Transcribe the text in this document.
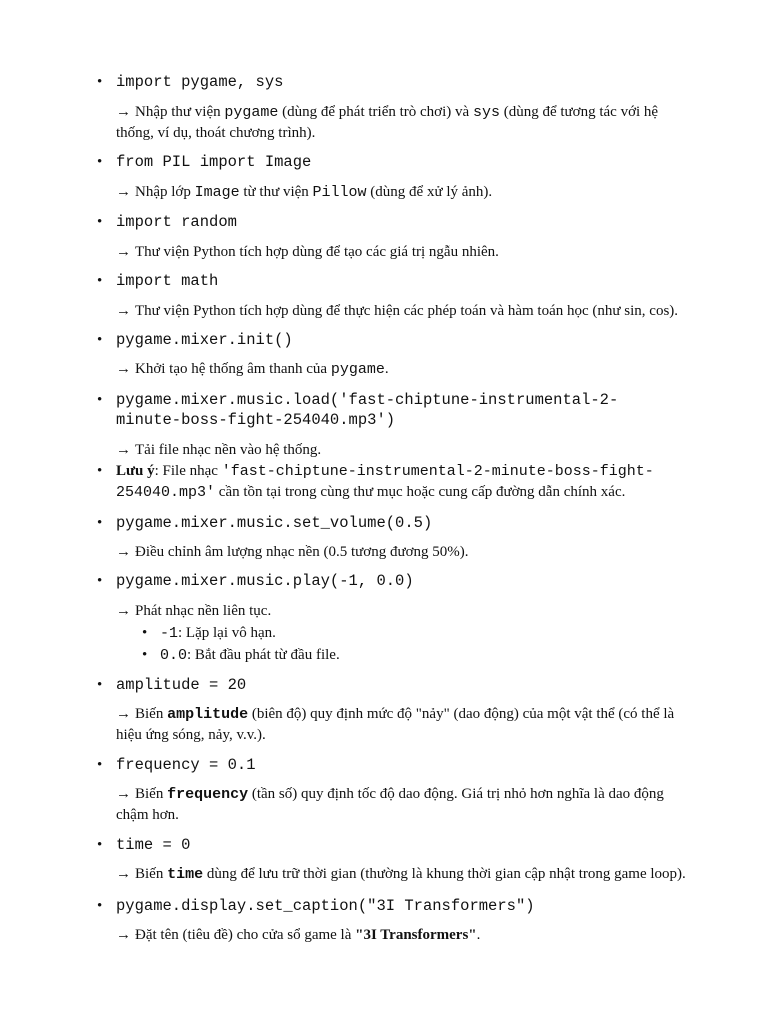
• import pygame, sys
→ Nhập thư viện pygame (dùng để phát triển trò chơi) và sys (dùng để tương tác với hệ thống, ví dụ, thoát chương trình).
• from PIL import Image
→ Nhập lớp Image từ thư viện Pillow (dùng để xử lý ảnh).
• import random
→ Thư viện Python tích hợp dùng để tạo các giá trị ngẫu nhiên.
• import math
→ Thư viện Python tích hợp dùng để thực hiện các phép toán và hàm toán học (như sin, cos).
• pygame.mixer.init()
→ Khởi tạo hệ thống âm thanh của pygame.
• pygame.mixer.music.load('fast-chiptune-instrumental-2-minute-boss-fight-254040.mp3')
→ Tải file nhạc nền vào hệ thống.
• Lưu ý: File nhạc 'fast-chiptune-instrumental-2-minute-boss-fight-254040.mp3' cần tồn tại trong cùng thư mục hoặc cung cấp đường dẫn chính xác.
• pygame.mixer.music.set_volume(0.5)
→ Điều chỉnh âm lượng nhạc nền (0.5 tương đương 50%).
• pygame.mixer.music.play(-1, 0.0)
→ Phát nhạc nền liên tục.
• -1: Lặp lại vô hạn.
• 0.0: Bắt đầu phát từ đầu file.
• amplitude = 20
→ Biến amplitude (biên độ) quy định mức độ "nảy" (dao động) của một vật thể (có thể là hiệu ứng sóng, nảy, v.v.).
• frequency = 0.1
→ Biến frequency (tần số) quy định tốc độ dao động. Giá trị nhỏ hơn nghĩa là dao động chậm hơn.
• time = 0
→ Biến time dùng để lưu trữ thời gian (thường là khung thời gian cập nhật trong game loop).
• pygame.display.set_caption("3I Transformers")
→ Đặt tên (tiêu đề) cho cửa sổ game là "3I Transformers".
